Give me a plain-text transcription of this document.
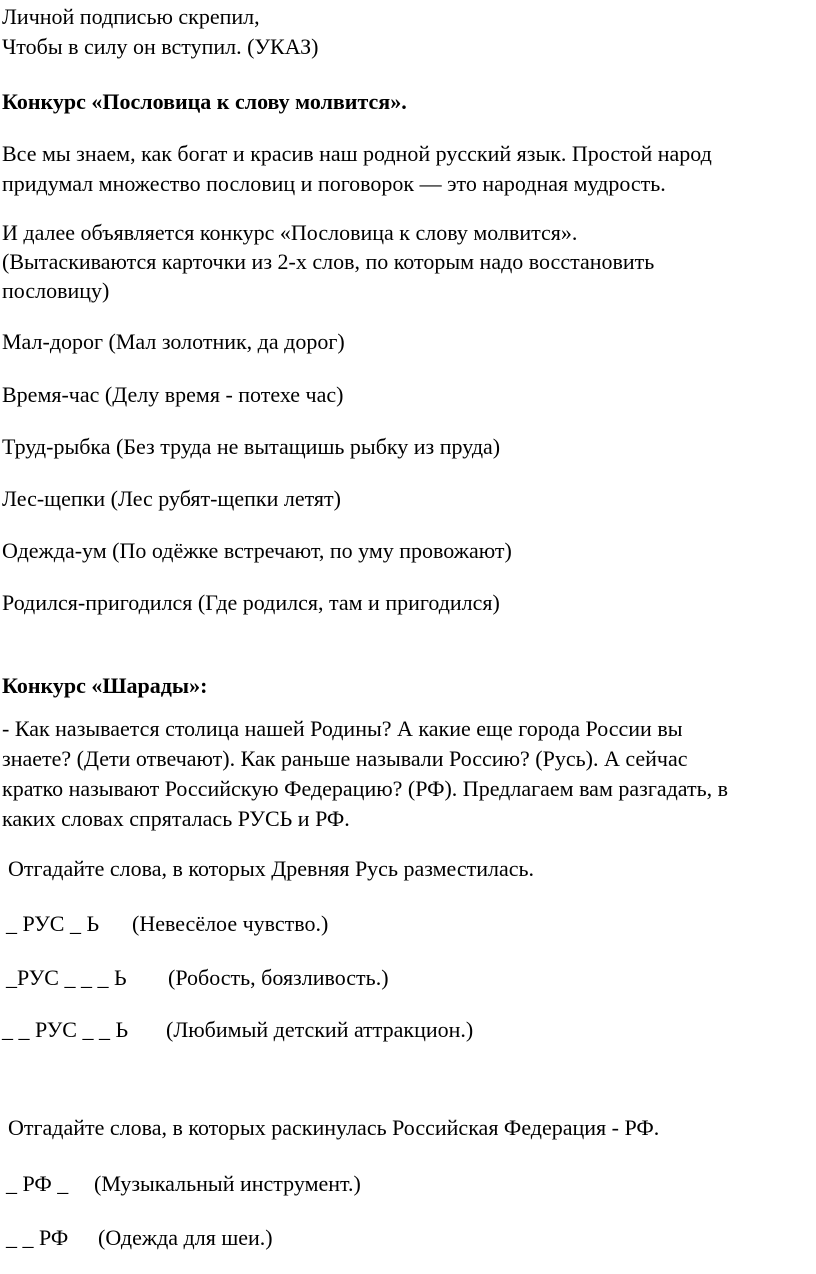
Личной подписью скрепил,
Чтобы в силу он вступил. (УКАЗ)
Конкурс «Пословица к слову молвится».
Все мы знаем, как богат и красив наш родной русский язык. Простой народ
придумал множество пословиц и поговорок — это народная мудрость.
И далее объявляется конкурс «Пословица к слову молвится».
(Вытаскиваются карточки из 2-х слов, по которым надо восстановить
пословицу)
Мал-дорог (Мал золотник, да дорог)
Время-час (Делу время - потехе час)
Труд-рыбка (Без труда не вытащишь рыбку из пруда)
Лес-щепки (Лес рубят-щепки летят)
Одежда-ум (По одёжке встречают, по уму провожают)
Родился-пригодился (Где родился, там и пригодился)
Конкурс «Шарады»:
- Как называется столица нашей Родины? А какие еще города России вы
знаете? (Дети отвечают). Как раньше называли Россию? (Русь). А сейчас
кратко называют Российскую Федерацию? (РФ). Предлагаем вам разгадать, в
каких словах спряталась РУСЬ и РФ.
Отгадайте слова, в которых Древняя Русь разместилась.
_ РУС _ Ь (Невесёлое чувство.)
_РУС _ _ _ Ь (Робость, боязливость.)
_ _ РУС _ _ Ь (Любимый детский аттракцион.)
Отгадайте слова, в которых раскинулась Российская Федерация - РФ.
_ РФ _ (Музыкальный инструмент.)
_ _ РФ (Одежда для шеи.)
